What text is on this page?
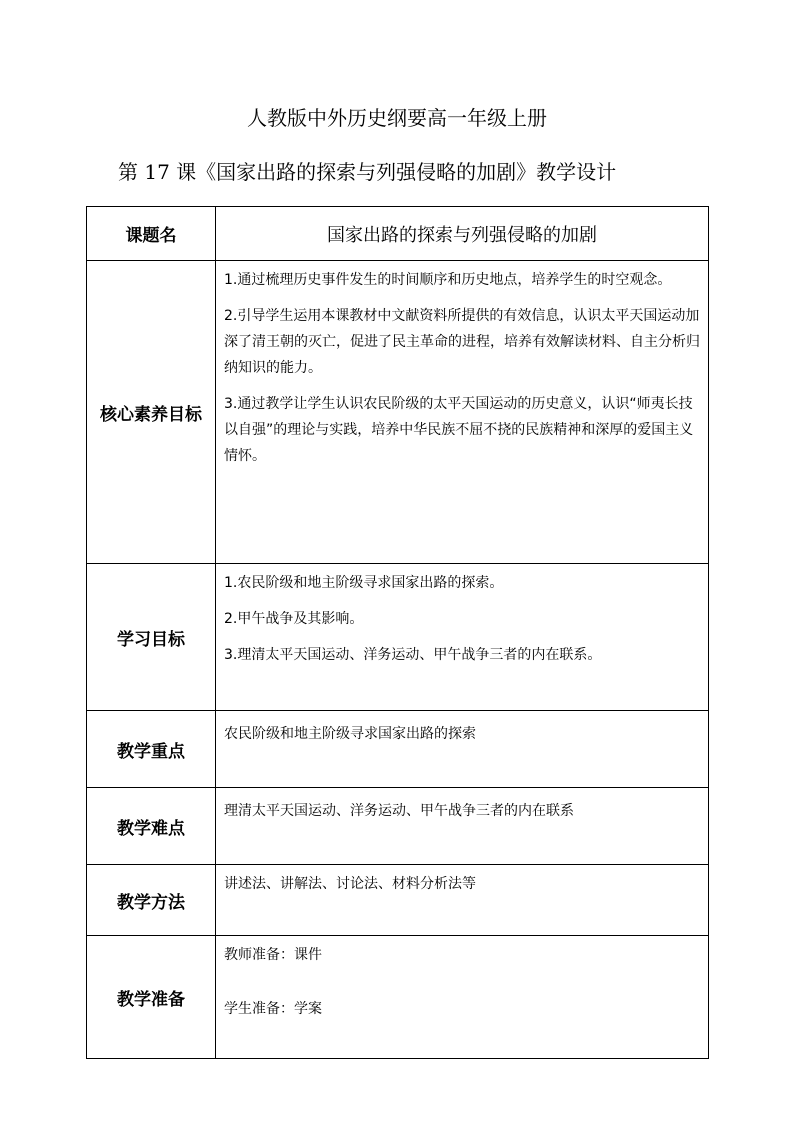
人教版中外历史纲要高一年级上册
第 17 课《国家出路的探索与列强侵略的加剧》教学设计
课题名	国家出路的探索与列强侵略的加剧
核心素养目标	1.通过梳理历史事件发生的时间顺序和历史地点，培养学生的时空观念。

2.引导学生运用本课教材中文献资料所提供的有效信息，认识太平天国运动加深了清王朝的灭亡，促进了民主革命的进程，培养有效解读材料、自主分析归纳知识的能力。

3.通过教学让学生认识农民阶级的太平天国运动的历史意义，认识“师夷长技以自强”的理论与实践，培养中华民族不屈不挠的民族精神和深厚的爱国主义情怀。

学习目标	1.农民阶级和地主阶级寻求国家出路的探索。

2.甲午战争及其影响。

3.理清太平天国运动、洋务运动、甲午战争三者的内在联系。

教学重点	农民阶级和地主阶级寻求国家出路的探索
教学难点	理清太平天国运动、洋务运动、甲午战争三者的内在联系
教学方法	讲述法、讲解法、讨论法、材料分析法等
教学准备	教师准备：课件

学生准备：学案
